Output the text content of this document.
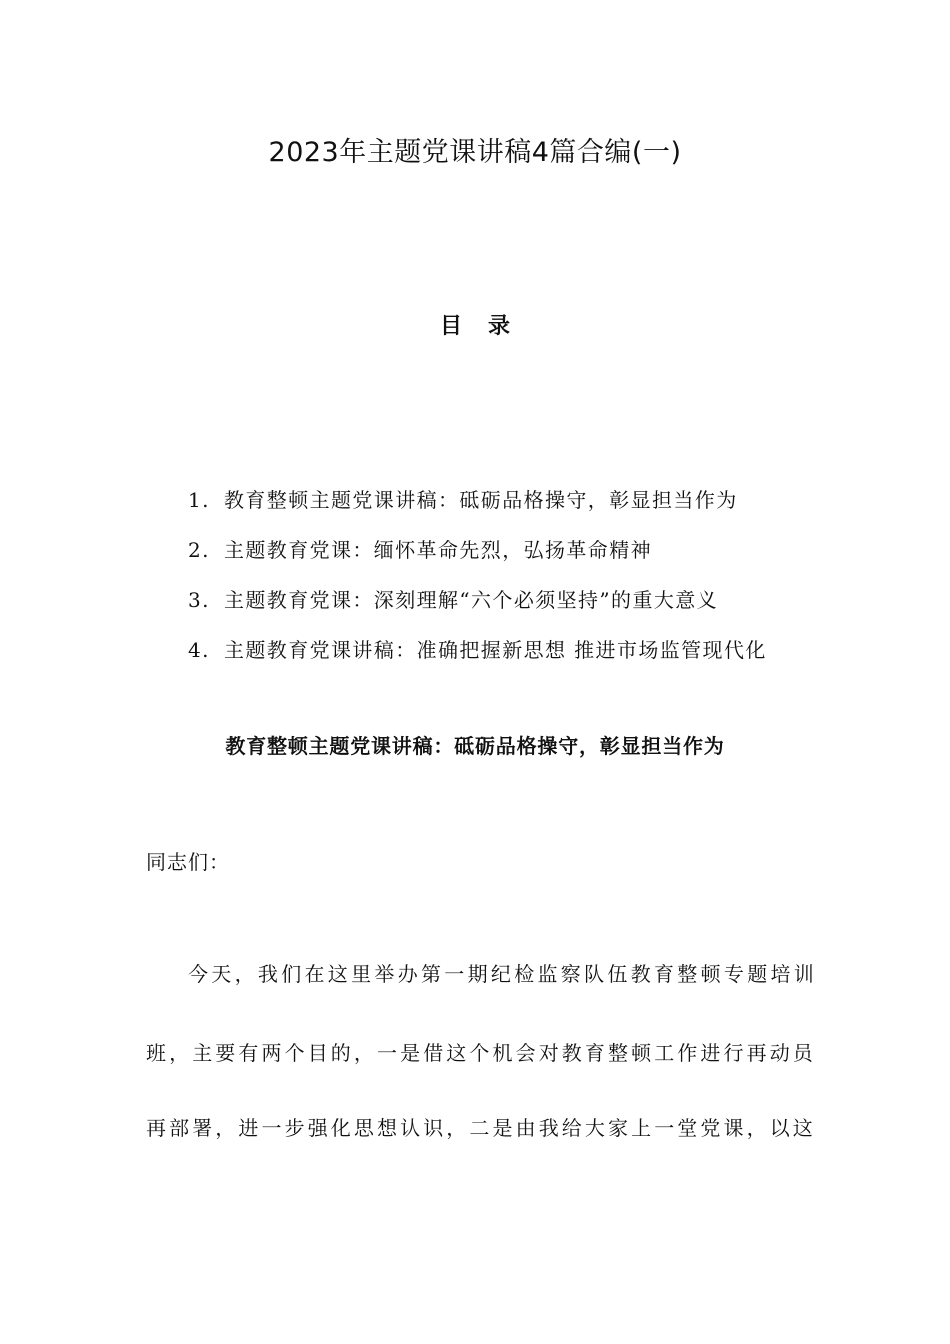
2023年主题党课讲稿4篇合编(一)
目录
1. 教育整顿主题党课讲稿：砥砺品格操守，彰显担当作为
2. 主题教育党课：缅怀革命先烈，弘扬革命精神
3. 主题教育党课：深刻理解“六个必须坚持”的重大意义
4. 主题教育党课讲稿：准确把握新思想 推进市场监管现代化
教育整顿主题党课讲稿：砥砺品格操守，彰显担当作为
同志们：
今天，我们在这里举办第一期纪检监察队伍教育整顿专题培训
班，主要有两个目的，一是借这个机会对教育整顿工作进行再动员
再部署，进一步强化思想认识，二是由我给大家上一堂党课，以这
